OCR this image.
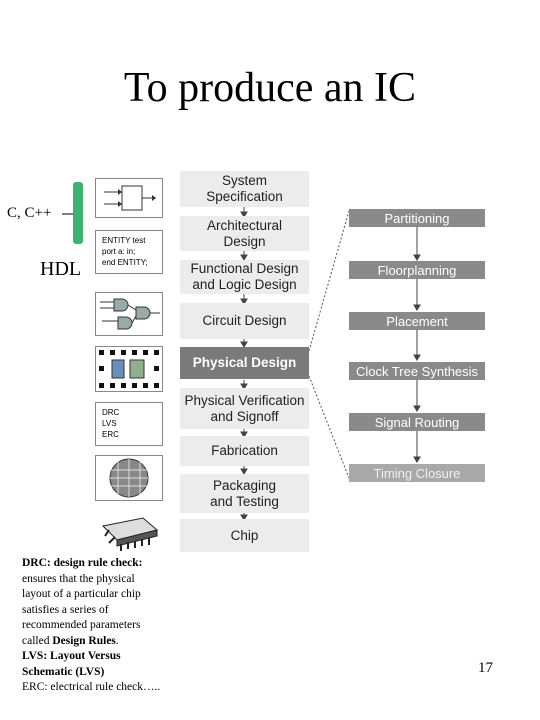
To produce an IC
C, C++
HDL
ENTITY test
port a: in;
end ENTITY;
DRC
LVS
ERC
System
Specification
Architectural
Design
Functional Design
and Logic Design
Circuit Design
Physical Design
Physical Verification
and Signoff
Fabrication
Packaging
and Testing
Chip
Partitioning
Floorplanning
Placement
Clock Tree Synthesis
Signal Routing
Timing Closure
DRC: design rule check:
ensures that the physical
layout of a particular chip
satisfies a series of
recommended parameters
called Design Rules.
LVS: Layout Versus
Schematic (LVS)
ERC: electrical rule check…..
17
